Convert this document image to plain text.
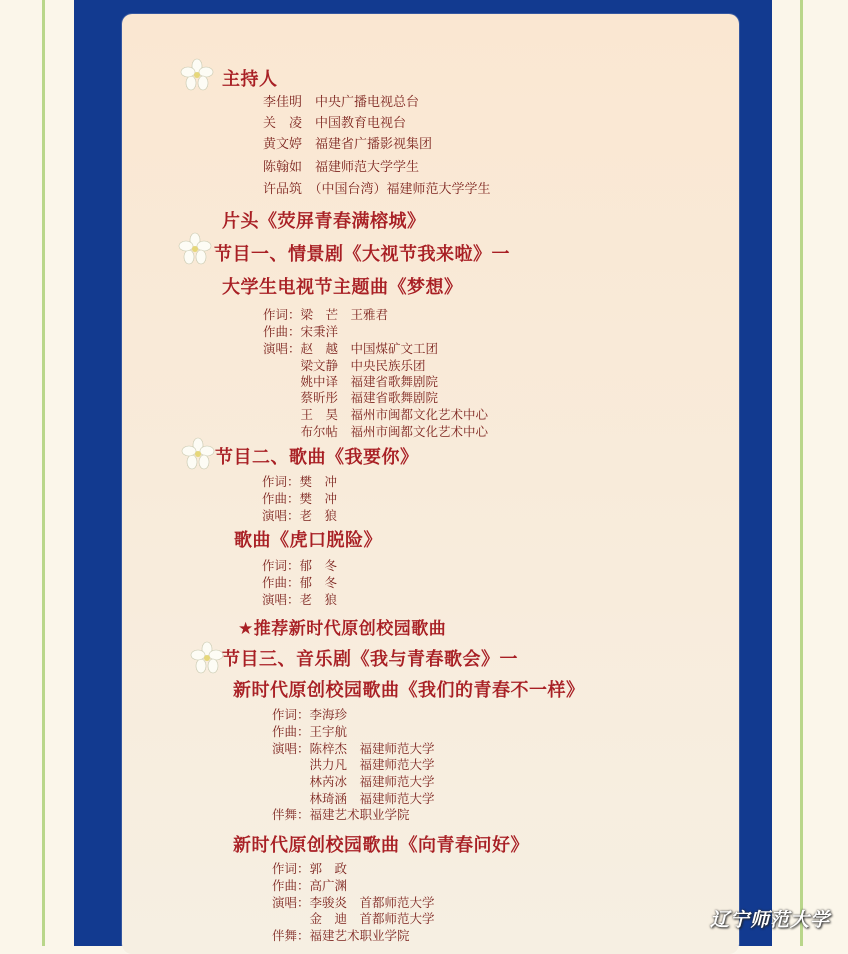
主持人
李佳明　中央广播电视总台
关　凌　中国教育电视台
黄文婷　福建省广播影视集团
陈翰如　福建师范大学学生
许品筑　（中国台湾）福建师范大学学生
片头《荧屏青春满榕城》
节目一、情景剧《大视节我来啦》一
大学生电视节主题曲《梦想》
作词：梁　芒　王雅君
作曲：宋秉洋
演唱：赵　越　中国煤矿文工团
　　　梁文静　中央民族乐团
　　　姚中译　福建省歌舞剧院
　　　蔡昕彤　福建省歌舞剧院
　　　王　昊　福州市闽都文化艺术中心
　　　布尔帖　福州市闽都文化艺术中心
节目二、歌曲《我要你》
作词：樊　冲
作曲：樊　冲
演唱：老　狼
歌曲《虎口脱险》
作词：郁　冬
作曲：郁　冬
演唱：老　狼
★推荐新时代原创校园歌曲
节目三、音乐剧《我与青春歌会》一
新时代原创校园歌曲《我们的青春不一样》
作词：李海珍
作曲：王宇航
演唱：陈梓杰　福建师范大学
　　　洪力凡　福建师范大学
　　　林芮冰　福建师范大学
　　　林琦涵　福建师范大学
伴舞：福建艺术职业学院
新时代原创校园歌曲《向青春问好》
作词：郭　政
作曲：高广渊
演唱：李骏炎　首都师范大学
　　　金　迪　首都师范大学
伴舞：福建艺术职业学院
辽宁师范大学
